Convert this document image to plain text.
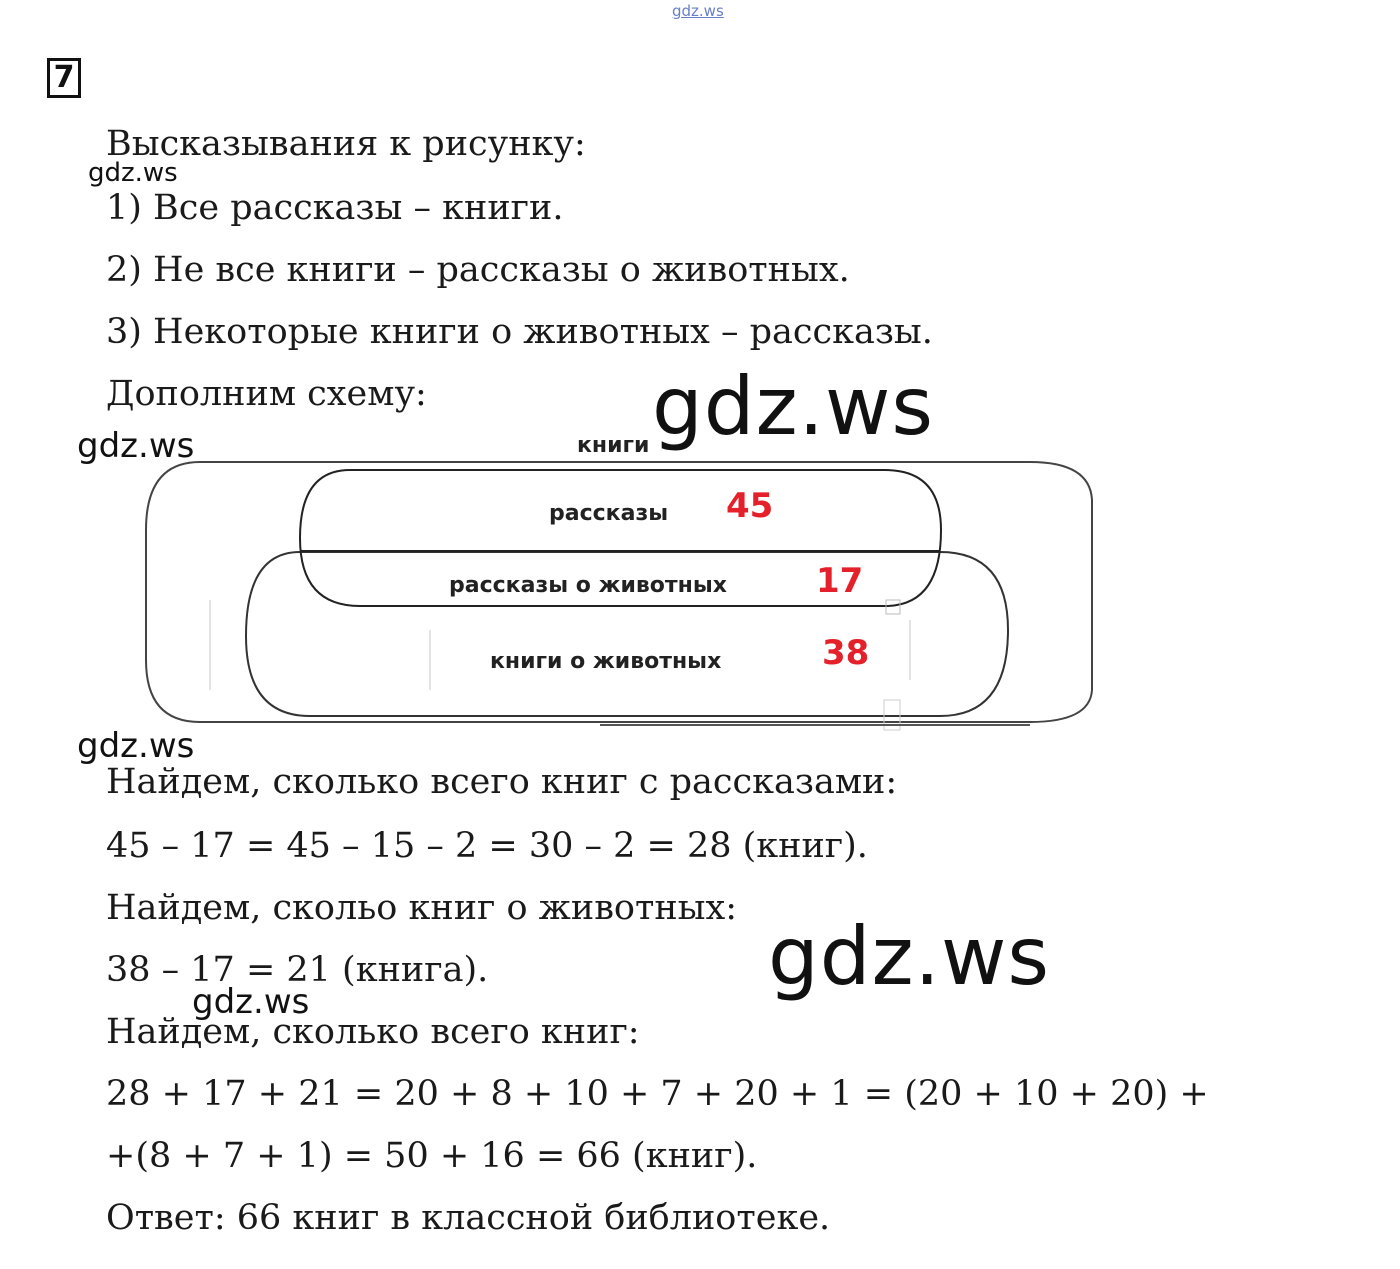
gdz.ws
gdz.ws
gdz.ws	gdz.ws
7
Высказывания к рисунку:
1) Все рассказы – книги.
2) Не все книги – рассказы о животных.
3) Некоторые книги о животных – рассказы.
Дополним схему:
книги
рассказы 45
рассказы о животных	17
книги о животных	38
gdz.ws
Найдем, сколько всего книг с рассказами:
45 – 17 = 45 – 15 – 2 = 30 – 2 = 28 (книг).
Найдем, скольо книг о животных:
38 – 17 = 21 (книга).
gdz.ws	gdz.ws
Найдем, сколько всего книг:
28 + 17 + 21 = 20 + 8 + 10 + 7 + 20 + 1 = (20 + 10 + 20) +
+(8 + 7 + 1) = 50 + 16 = 66 (книг).
Ответ: 66 книг в классной библиотеке.
